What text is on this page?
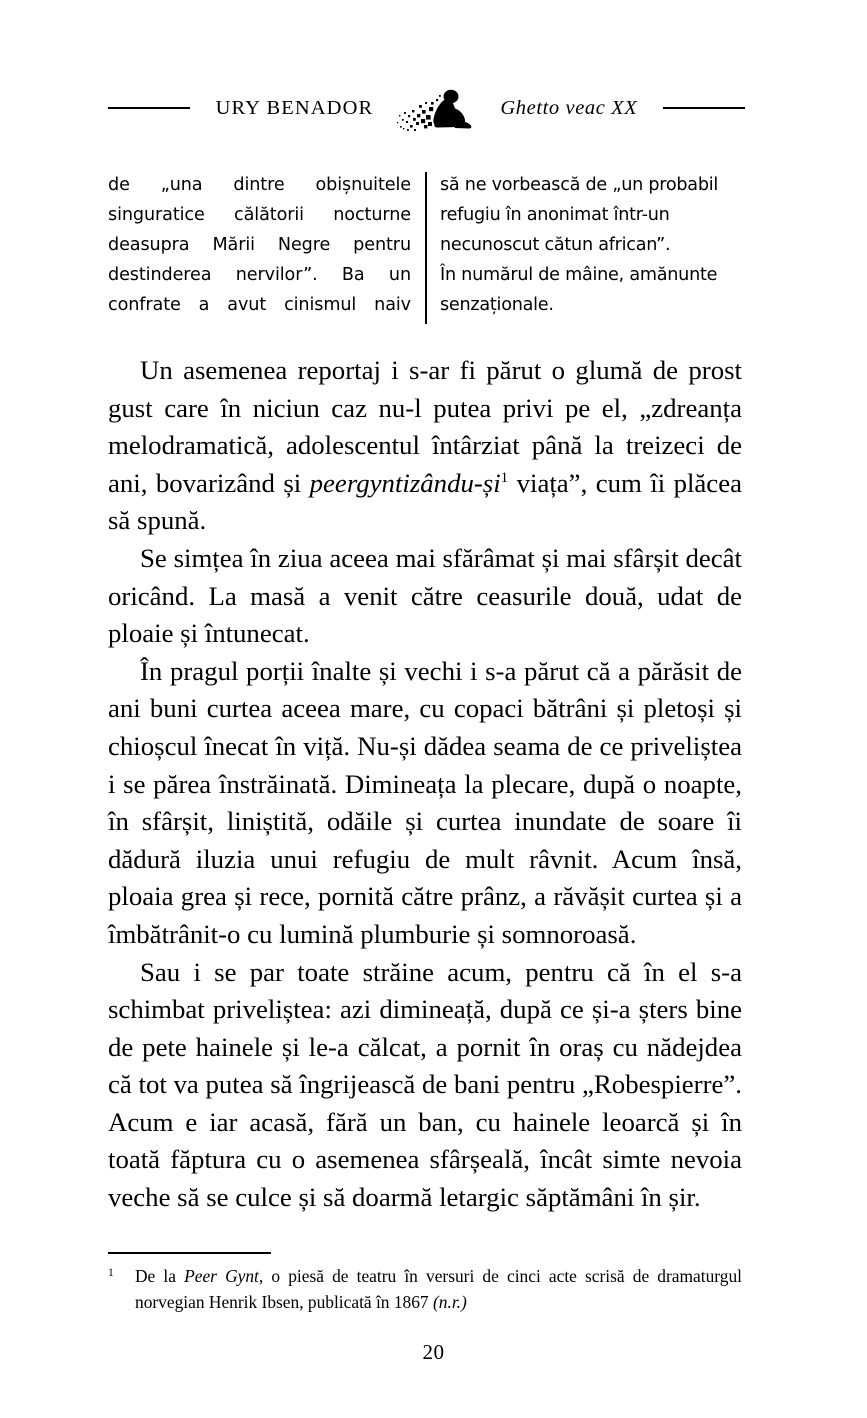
URY BENADOR	Ghetto veac XX

de „una dintre obișnuitele singuratice călătorii nocturne deasupra Mării Negre pentru destinderea nervilor”. Ba un confrate a avut cinismul naiv

să ne vorbească de „un probabil refugiu în anonimat într-un necunoscut cătun african”.

În numărul de mâine, amănunte senzaționale.

Un asemenea reportaj i s-ar fi părut o glumă de prost gust care în niciun caz nu-l putea privi pe el, „zdreanța melodramatică, adolescentul întârziat până la treizeci de ani, bovarizând și peergyntizându-și$^1$ viața”, cum îi plăcea să spună.

Se simțea în ziua aceea mai sfărâmat și mai sfârșit decât oricând. La masă a venit către ceasurile două, udat de ploaie și întunecat.

În pragul porții înalte și vechi i s-a părut că a părăsit de ani buni curtea aceea mare, cu copaci bătrâni și pletoși și chioșcul înecat în viță. Nu-și dădea seama de ce priveliștea i se părea înstrăinată. Dimineața la plecare, după o noapte, în sfârșit, liniștită, odăile și curtea inundate de soare îi dădură iluzia unui refugiu de mult râvnit. Acum însă, ploaia grea și rece, pornită către prânz, a răvășit curtea și a îmbătrânit-o cu lumină plumburie și somnoroasă.

Sau i se par toate străine acum, pentru că în el s-a schimbat priveliștea: azi dimineață, după ce și-a șters bine de pete hainele și le-a călcat, a pornit în oraș cu nădejdea că tot va putea să îngrijească de bani pentru „Robespierre”. Acum e iar acasă, fără un ban, cu hainele leoarcă și în toată făptura cu o asemenea sfârșeală, încât simte nevoia veche să se culce și să doarmă letargic săptămâni în șir.

1 De la Peer Gynt, o piesă de teatru în versuri de cinci acte scrisă de dramaturgul norvegian Henrik Ibsen, publicată în 1867 (n.r.)
20
